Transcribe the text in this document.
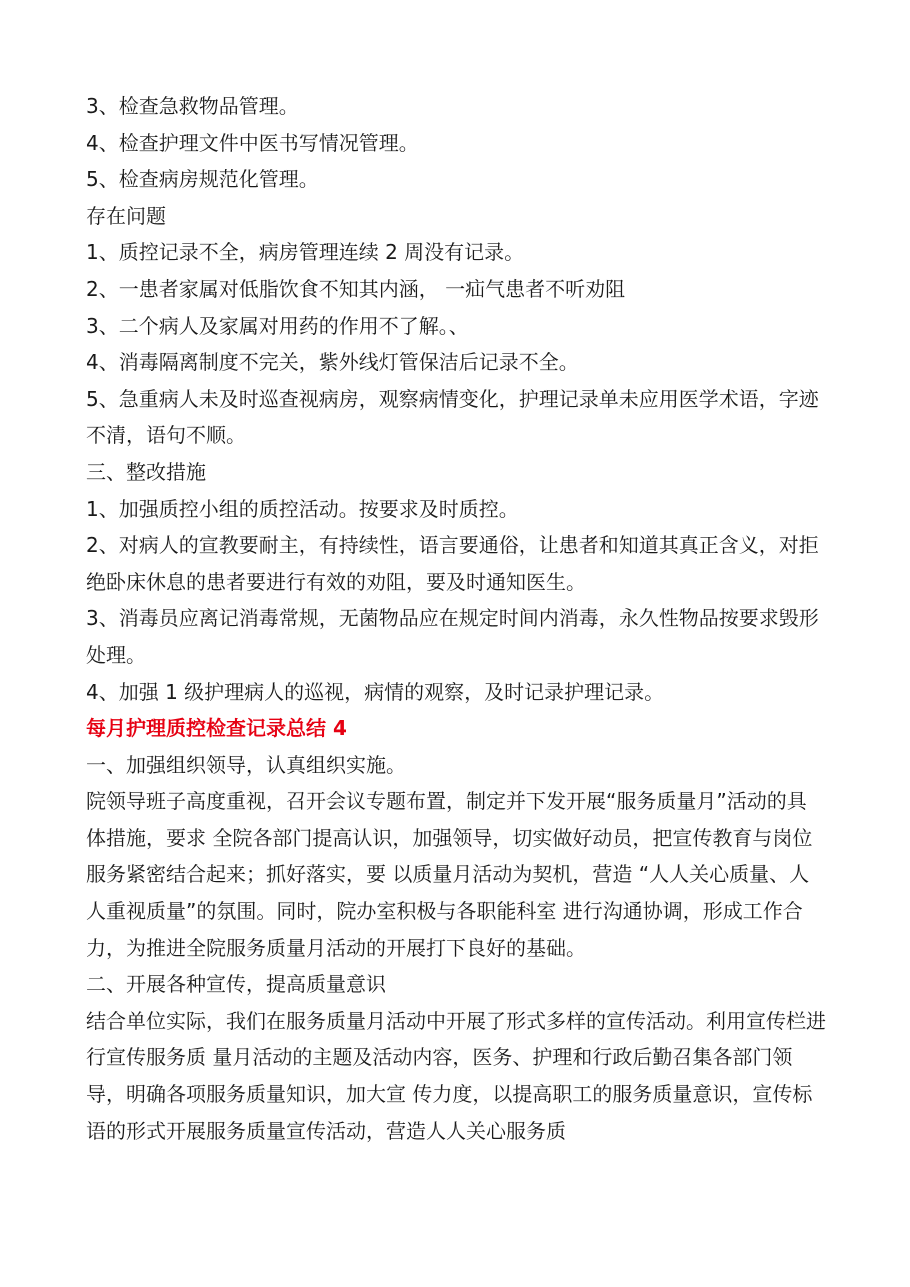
3、检查急救物品管理。

4、检查护理文件中医书写情况管理。

5、检查病房规范化管理。

存在问题

1、质控记录不全，病房管理连续 2 周没有记录。

2、一患者家属对低脂饮食不知其内涵， 一疝气患者不听劝阻

3、二个病人及家属对用药的作用不了解。、

4、消毒隔离制度不完关，紫外线灯管保洁后记录不全。

5、急重病人未及时巡查视病房，观察病情变化，护理记录单未应用医学术语，字迹不清，语句不顺。

三、整改措施

1、加强质控小组的质控活动。按要求及时质控。

2、对病人的宣教要耐主，有持续性，语言要通俗，让患者和知道其真正含义，对拒绝卧床休息的患者要进行有效的劝阻，要及时通知医生。

3、消毒员应离记消毒常规，无菌物品应在规定时间内消毒，永久性物品按要求毁形处理。

4、加强 1 级护理病人的巡视，病情的观察，及时记录护理记录。

每月护理质控检查记录总结 4

一、加强组织领导，认真组织实施。

院领导班子高度重视，召开会议专题布置，制定并下发开展“服务质量月”活动的具体措施，要求 全院各部门提高认识，加强领导，切实做好动员，把宣传教育与岗位服务紧密结合起来；抓好落实，要 以质量月活动为契机，营造 “人人关心质量、人人重视质量”的氛围。同时，院办室积极与各职能科室 进行沟通协调，形成工作合力，为推进全院服务质量月活动的开展打下良好的基础。

二、开展各种宣传，提高质量意识

结合单位实际，我们在服务质量月活动中开展了形式多样的宣传活动。利用宣传栏进行宣传服务质 量月活动的主题及活动内容，医务、护理和行政后勤召集各部门领导，明确各项服务质量知识，加大宣 传力度，以提高职工的服务质量意识，宣传标语的形式开展服务质量宣传活动，营造人人关心服务质
